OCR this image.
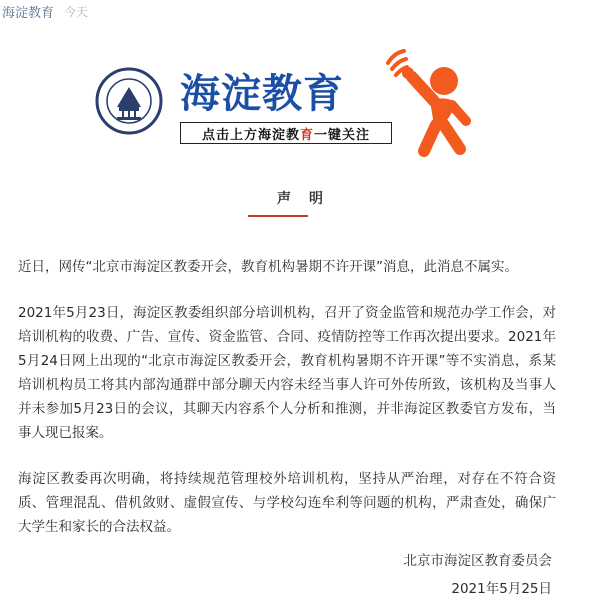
海淀教育 今天
海淀教育
点击上方海淀教 育 一键关注
声明

近日，网传“北京市海淀区教委开会，教育机构暑期不许开课”消息，此消息不属实。

2021年5月23日，海淀区教委组织部分培训机构，召开了资金监管和规范办学工作会，对培训机构的收费、广告、宣传、资金监管、合同、疫情防控等工作再次提出要求。2021年5月24日网上出现的“北京市海淀区教委开会，教育机构暑期不许开课”等不实消息，系某培训机构员工将其内部沟通群中部分聊天内容未经当事人许可外传所致，该机构及当事人并未参加5月23日的会议，其聊天内容系个人分析和推测，并非海淀区教委官方发布，当事人现已报案。

海淀区教委再次明确，将持续规范管理校外培训机构，坚持从严治理，对存在不符合资质、管理混乱、借机敛财、虚假宣传、与学校勾连牟利等问题的机构，严肃查处，确保广大学生和家长的合法权益。

北京市海淀区教育委员会
2021年5月25日
